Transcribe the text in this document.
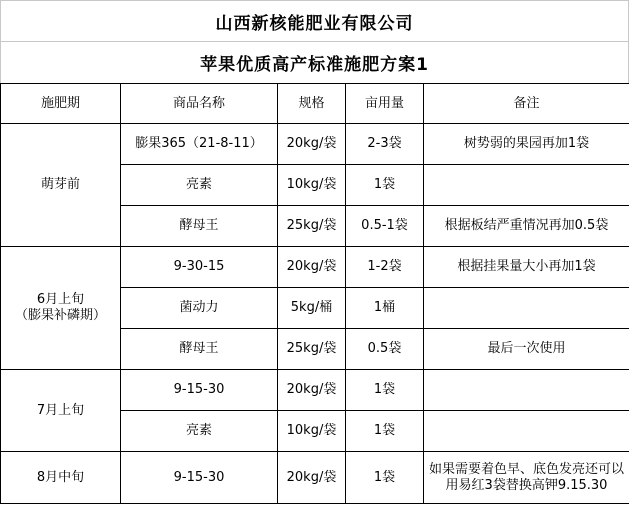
山西新核能肥业有限公司
苹果优质高产标准施肥方案1
施肥期	商品名称	规格	亩用量	备注
萌芽前	膨果365（21-8-11）	20kg/袋	2-3袋	树势弱的果园再加1袋
	亮素	10kg/袋	1袋	
	酵母王	25kg/袋	0.5-1袋	根据板结严重情况再加0.5袋

6月上旬
（膨果补磷期）	9-30-15	20kg/袋	1-2袋	根据挂果量大小再加1袋
	菌动力	5kg/桶	1桶	
	酵母王	25kg/袋	0.5袋	最后一次使用
7月上旬	9-15-30	20kg/袋	1袋	
	亮素	10kg/袋	1袋	
8月中旬	9-15-30	20kg/袋	1袋	如果需要着色早、底色发亮还可以用易红3袋替换高钾9.15.30
